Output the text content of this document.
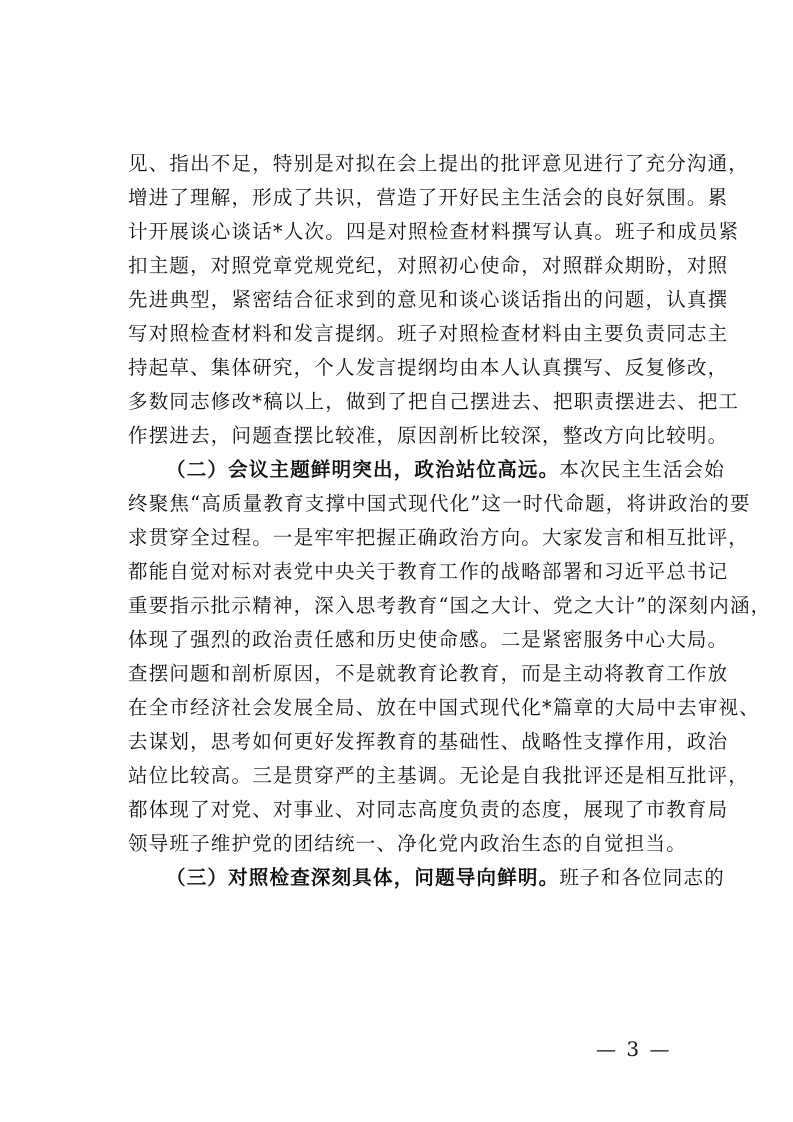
见、指出不足，特别是对拟在会上提出的批评意见进行了充分沟通，
增进了理解，形成了共识，营造了开好民主生活会的良好氛围。累
计开展谈心谈话*人次。四是对照检查材料撰写认真。班子和成员紧
扣主题，对照党章党规党纪，对照初心使命，对照群众期盼，对照
先进典型，紧密结合征求到的意见和谈心谈话指出的问题，认真撰
写对照检查材料和发言提纲。班子对照检查材料由主要负责同志主
持起草、集体研究，个人发言提纲均由本人认真撰写、反复修改，
多数同志修改*稿以上，做到了把自己摆进去、把职责摆进去、把工
作摆进去，问题查摆比较准，原因剖析比较深，整改方向比较明。
（二）会议主题鲜明突出，政治站位高远。本次民主生活会始
终聚焦“高质量教育支撑中国式现代化”这一时代命题，将讲政治的要
求贯穿全过程。一是牢牢把握正确政治方向。大家发言和相互批评，
都能自觉对标对表党中央关于教育工作的战略部署和习近平总书记
重要指示批示精神，深入思考教育“国之大计、党之大计”的深刻内涵，
体现了强烈的政治责任感和历史使命感。二是紧密服务中心大局。
查摆问题和剖析原因，不是就教育论教育，而是主动将教育工作放
在全市经济社会发展全局、放在中国式现代化*篇章的大局中去审视、
去谋划，思考如何更好发挥教育的基础性、战略性支撑作用，政治
站位比较高。三是贯穿严的主基调。无论是自我批评还是相互批评，
都体现了对党、对事业、对同志高度负责的态度，展现了市教育局
领导班子维护党的团结统一、净化党内政治生态的自觉担当。
（三）对照检查深刻具体，问题导向鲜明。班子和各位同志的
— 3 —
